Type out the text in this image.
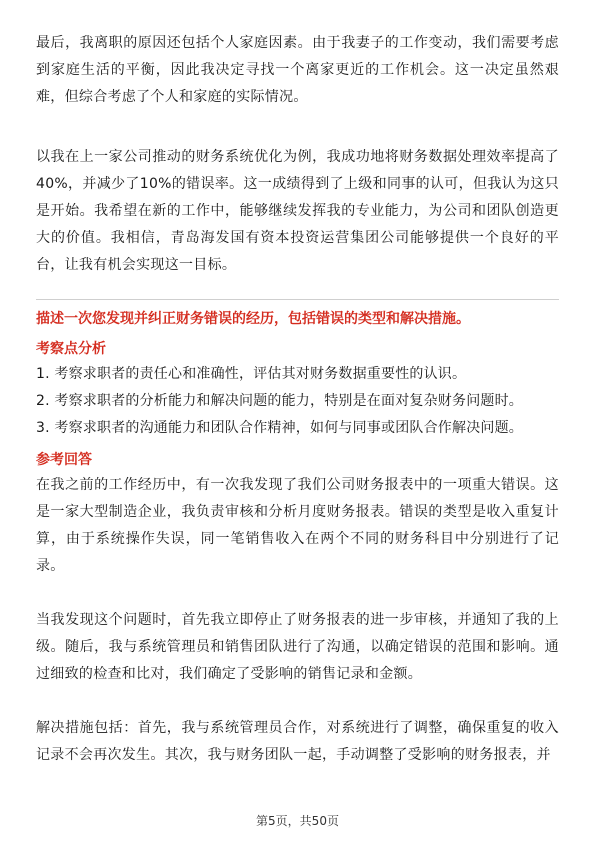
最后，我离职的原因还包括个人家庭因素。由于我妻子的工作变动，我们需要考虑到家庭生活的平衡，因此我决定寻找一个离家更近的工作机会。这一决定虽然艰难，但综合考虑了个人和家庭的实际情况。

以我在上一家公司推动的财务系统优化为例，我成功地将财务数据处理效率提高了40%，并减少了10%的错误率。这一成绩得到了上级和同事的认可，但我认为这只是开始。我希望在新的工作中，能够继续发挥我的专业能力，为公司和团队创造更大的价值。我相信，青岛海发国有资本投资运营集团公司能够提供一个良好的平台，让我有机会实现这一目标。

描述一次您发现并纠正财务错误的经历，包括错误的类型和解决措施。
考察点分析
1. 考察求职者的责任心和准确性，评估其对财务数据重要性的认识。
2. 考察求职者的分析能力和解决问题的能力，特别是在面对复杂财务问题时。
3. 考察求职者的沟通能力和团队合作精神，如何与同事或团队合作解决问题。
参考回答

在我之前的工作经历中，有一次我发现了我们公司财务报表中的一项重大错误。这是一家大型制造企业，我负责审核和分析月度财务报表。错误的类型是收入重复计算，由于系统操作失误，同一笔销售收入在两个不同的财务科目中分别进行了记录。

当我发现这个问题时，首先我立即停止了财务报表的进一步审核，并通知了我的上级。随后，我与系统管理员和销售团队进行了沟通，以确定错误的范围和影响。通过细致的检查和比对，我们确定了受影响的销售记录和金额。

解决措施包括：首先，我与系统管理员合作，对系统进行了调整，确保重复的收入记录不会再次发生。其次，我与财务团队一起，手动调整了受影响的财务报表，并

第5页，共50页
